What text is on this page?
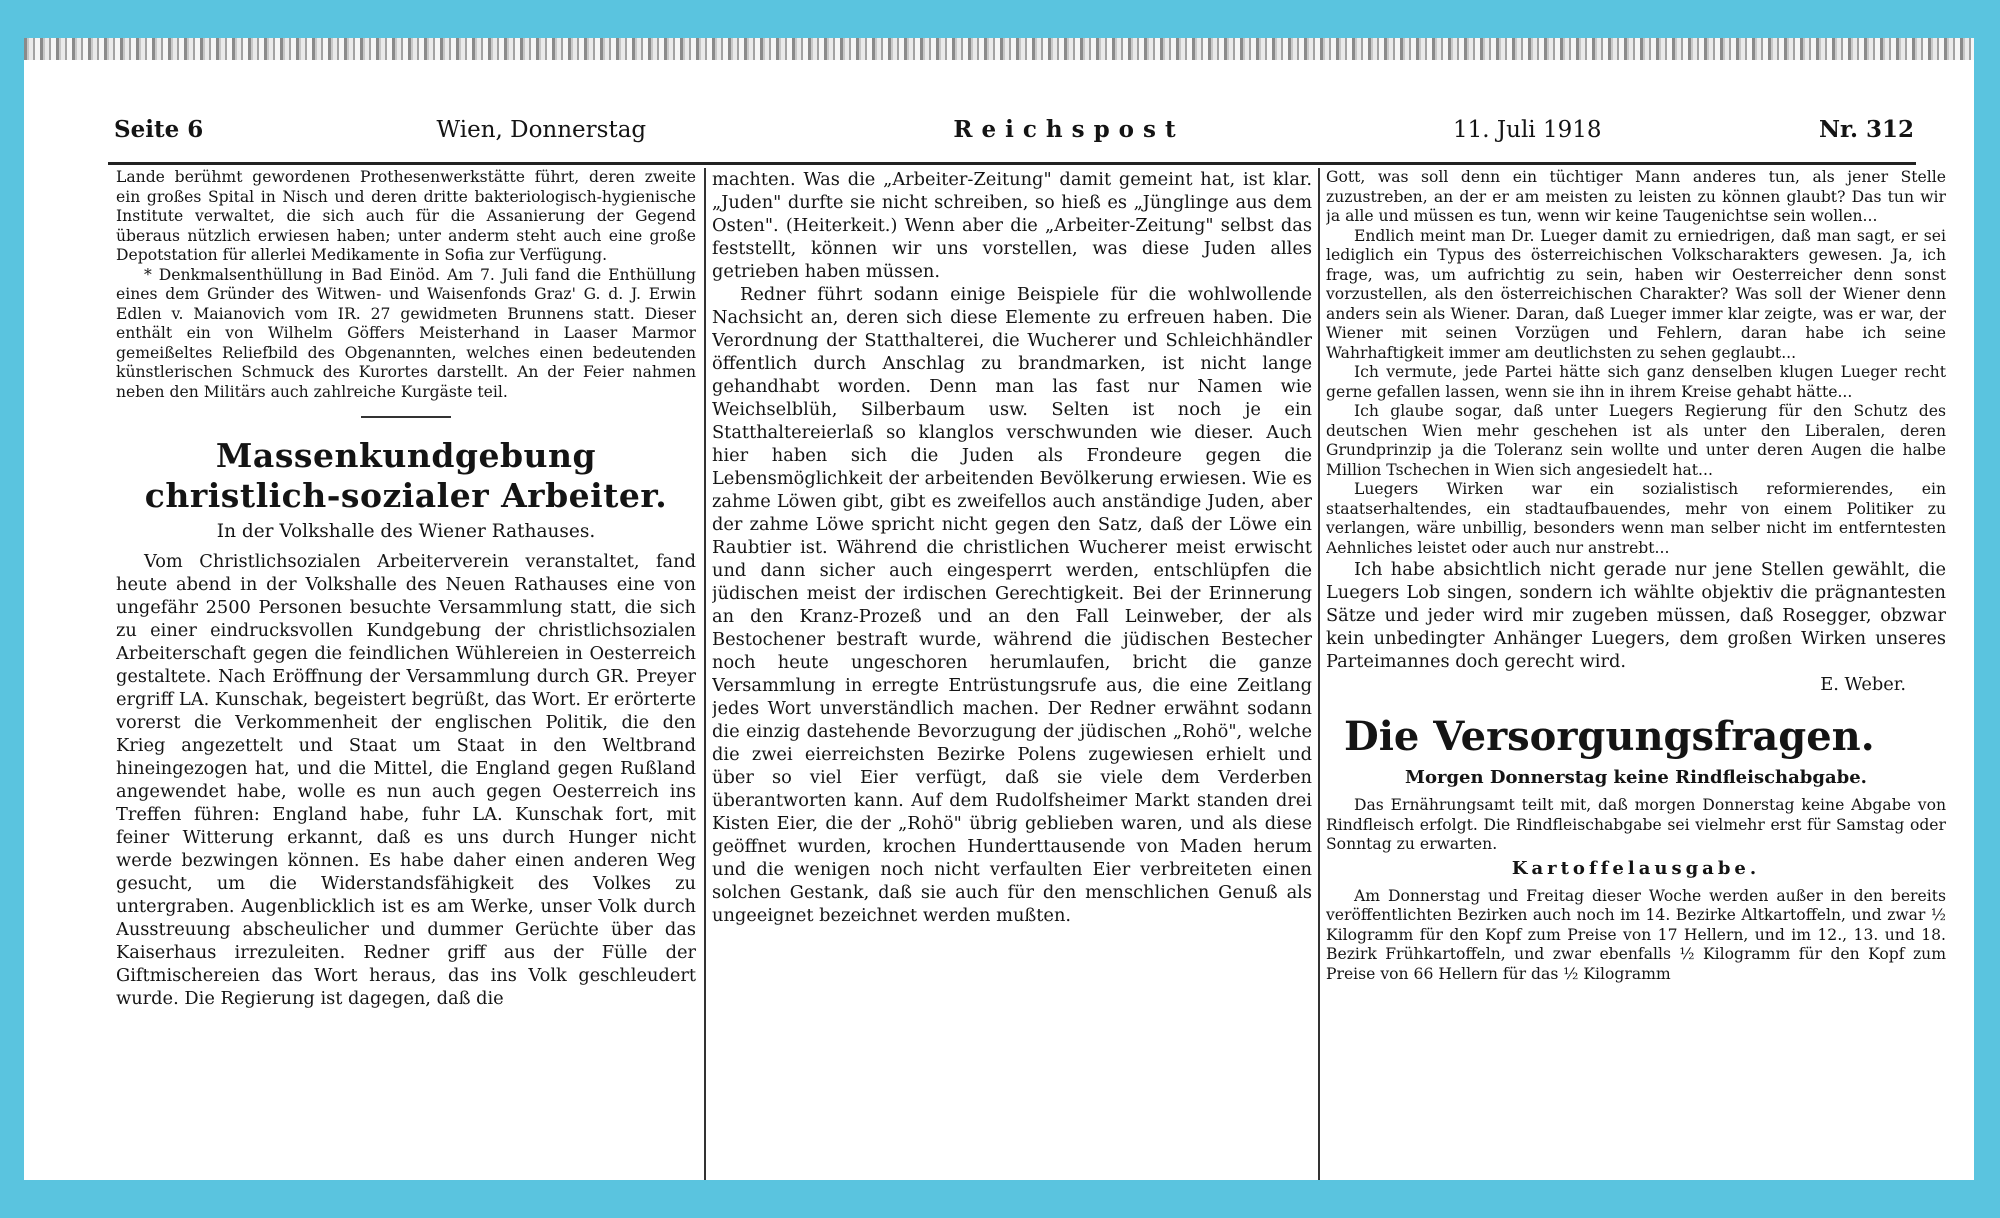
Seite 6	Wien, Donnerstag	Reichspost	11. Juli 1918	Nr. 312

Lande berühmt gewordenen Prothesenwerkstätte führt, deren zweite ein großes Spital in Nisch und deren dritte bakteriologisch-hygienische Institute verwaltet, die sich auch für die Assanierung der Gegend überaus nützlich erwiesen haben; unter anderm steht auch eine große Depotstation für allerlei Medikamente in Sofia zur Verfügung.

* Denkmalsenthüllung in Bad Einöd. Am 7. Juli fand die Enthüllung eines dem Gründer des Witwen- und Waisenfonds Graz' G. d. J. Erwin Edlen v. Maianovich vom IR. 27 gewidmeten Brunnens statt. Dieser enthält ein von Wilhelm Göffers Meisterhand in Laaser Marmor gemeißeltes Reliefbild des Obgenannten, welches einen bedeutenden künstlerischen Schmuck des Kurortes darstellt. An der Feier nahmen neben den Militärs auch zahlreiche Kurgäste teil.

Massenkundgebung christlich-sozialer Arbeiter.
In der Volkshalle des Wiener Rathauses.

Vom Christlichsozialen Arbeiterverein veranstaltet, fand heute abend in der Volkshalle des Neuen Rathauses eine von ungefähr 2500 Personen besuchte Versammlung statt, die sich zu einer eindrucksvollen Kundgebung der christlichsozialen Arbeiterschaft gegen die feindlichen Wühlereien in Oesterreich gestaltete. Nach Eröffnung der Versammlung durch GR. Preyer ergriff LA. Kunschak, begeistert begrüßt, das Wort. Er erörterte vorerst die Verkommenheit der englischen Politik, die den Krieg angezettelt und Staat um Staat in den Weltbrand hineingezogen hat, und die Mittel, die England gegen Rußland angewendet habe, wolle es nun auch gegen Oesterreich ins Treffen führen: England habe, fuhr LA. Kunschak fort, mit feiner Witterung erkannt, daß es uns durch Hunger nicht werde bezwingen können. Es habe daher einen anderen Weg gesucht, um die Widerstandsfähigkeit des Volkes zu untergraben. Augenblicklich ist es am Werke, unser Volk durch Ausstreuung abscheulicher und dummer Gerüchte über das Kaiserhaus irrezuleiten. Redner griff aus der Fülle der Giftmischereien das Wort heraus, das ins Volk geschleudert wurde. Die Regierung ist dagegen, daß die

machten. Was die „Arbeiter-Zeitung" damit gemeint hat, ist klar. „Juden" durfte sie nicht schreiben, so hieß es „Jünglinge aus dem Osten". (Heiterkeit.) Wenn aber die „Arbeiter-Zeitung" selbst das feststellt, können wir uns vorstellen, was diese Juden alles getrieben haben müssen.

Redner führt sodann einige Beispiele für die wohlwollende Nachsicht an, deren sich diese Elemente zu erfreuen haben. Die Verordnung der Statthalterei, die Wucherer und Schleichhändler öffentlich durch Anschlag zu brandmarken, ist nicht lange gehandhabt worden. Denn man las fast nur Namen wie Weichselblüh, Silberbaum usw. Selten ist noch je ein Statthaltereierlaß so klanglos verschwunden wie dieser. Auch hier haben sich die Juden als Frondeure gegen die Lebensmöglichkeit der arbeitenden Bevölkerung erwiesen. Wie es zahme Löwen gibt, gibt es zweifellos auch anständige Juden, aber der zahme Löwe spricht nicht gegen den Satz, daß der Löwe ein Raubtier ist. Während die christlichen Wucherer meist erwischt und dann sicher auch eingesperrt werden, entschlüpfen die jüdischen meist der irdischen Gerechtigkeit. Bei der Erinnerung an den Kranz-Prozeß und an den Fall Leinweber, der als Bestochener bestraft wurde, während die jüdischen Bestecher noch heute ungeschoren herumlaufen, bricht die ganze Versammlung in erregte Entrüstungsrufe aus, die eine Zeitlang jedes Wort unverständlich machen. Der Redner erwähnt sodann die einzig dastehende Bevorzugung der jüdischen „Rohö", welche die zwei eierreichsten Bezirke Polens zugewiesen erhielt und über so viel Eier verfügt, daß sie viele dem Verderben überantworten kann. Auf dem Rudolfsheimer Markt standen drei Kisten Eier, die der „Rohö" übrig geblieben waren, und als diese geöffnet wurden, krochen Hunderttausende von Maden herum und die wenigen noch nicht verfaulten Eier verbreiteten einen solchen Gestank, daß sie auch für den menschlichen Genuß als ungeeignet bezeichnet werden mußten.

Gott, was soll denn ein tüchtiger Mann anderes tun, als jener Stelle zuzustreben, an der er am meisten zu leisten zu können glaubt? Das tun wir ja alle und müssen es tun, wenn wir keine Taugenichtse sein wollen...

Endlich meint man Dr. Lueger damit zu erniedrigen, daß man sagt, er sei lediglich ein Typus des österreichischen Volkscharakters gewesen. Ja, ich frage, was, um aufrichtig zu sein, haben wir Oesterreicher denn sonst vorzustellen, als den österreichischen Charakter? Was soll der Wiener denn anders sein als Wiener. Daran, daß Lueger immer klar zeigte, was er war, der Wiener mit seinen Vorzügen und Fehlern, daran habe ich seine Wahrhaftigkeit immer am deutlichsten zu sehen geglaubt...

Ich vermute, jede Partei hätte sich ganz denselben klugen Lueger recht gerne gefallen lassen, wenn sie ihn in ihrem Kreise gehabt hätte...

Ich glaube sogar, daß unter Luegers Regierung für den Schutz des deutschen Wien mehr geschehen ist als unter den Liberalen, deren Grundprinzip ja die Toleranz sein wollte und unter deren Augen die halbe Million Tschechen in Wien sich angesiedelt hat...

Luegers Wirken war ein sozialistisch reformierendes, ein staatserhaltendes, ein stadtaufbauendes, mehr von einem Politiker zu verlangen, wäre unbillig, besonders wenn man selber nicht im entferntesten Aehnliches leistet oder auch nur anstrebt...

Ich habe absichtlich nicht gerade nur jene Stellen gewählt, die Luegers Lob singen, sondern ich wählte objektiv die prägnantesten Sätze und jeder wird mir zugeben müssen, daß Rosegger, obzwar kein unbedingter Anhänger Luegers, dem großen Wirken unseres Parteimannes doch gerecht wird.

E. Weber.

Die Versorgungsfragen.
Morgen Donnerstag keine Rindfleischabgabe.

Das Ernährungsamt teilt mit, daß morgen Donnerstag keine Abgabe von Rindfleisch erfolgt. Die Rindfleischabgabe sei vielmehr erst für Samstag oder Sonntag zu erwarten.

Kartoffelausgabe.

Am Donnerstag und Freitag dieser Woche werden außer in den bereits veröffentlichten Bezirken auch noch im 14. Bezirke Altkartoffeln, und zwar ½ Kilogramm für den Kopf zum Preise von 17 Hellern, und im 12., 13. und 18. Bezirk Frühkartoffeln, und zwar ebenfalls ½ Kilogramm für den Kopf zum Preise von 66 Hellern für das ½ Kilogramm
